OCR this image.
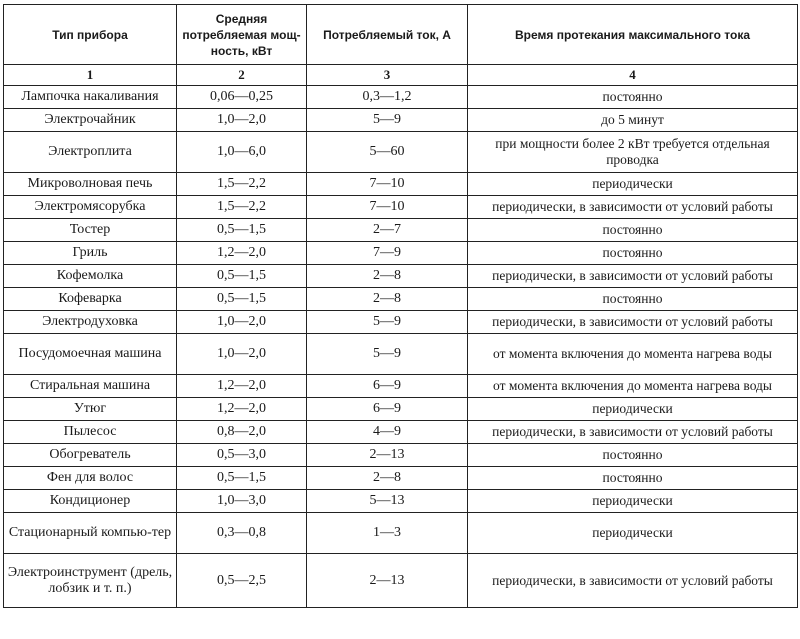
Тип прибора	Средняя потребляемая мощ-ность, кВт	Потребляемый ток, А	Время протекания максимального тока
1	2	3	4
Лампочка накаливания	0,06—0,25	0,3—1,2	постоянно
Электрочайник	1,0—2,0	5—9	до 5 минут
Электроплита	1,0—6,0	5—60	при мощности более 2 кВт требуется отдельная проводка
Микроволновая печь	1,5—2,2	7—10	периодически
Электромясорубка	1,5—2,2	7—10	периодически, в зависимости от условий работы
Тостер	0,5—1,5	2—7	постоянно
Гриль	1,2—2,0	7—9	постоянно
Кофемолка	0,5—1,5	2—8	периодически, в зависимости от условий работы
Кофеварка	0,5—1,5	2—8	постоянно
Электродуховка	1,0—2,0	5—9	периодически, в зависимости от условий работы
Посудомоечная машина	1,0—2,0	5—9	от момента включения до момента нагрева воды
Стиральная машина	1,2—2,0	6—9	от момента включения до момента нагрева воды
Утюг	1,2—2,0	6—9	периодически
Пылесос	0,8—2,0	4—9	периодически, в зависимости от условий работы
Обогреватель	0,5—3,0	2—13	постоянно
Фен для волос	0,5—1,5	2—8	постоянно
Кондиционер	1,0—3,0	5—13	периодически
Стационарный компью-тер	0,3—0,8	1—3	периодически
Электроинструмент (дрель, лобзик и т. п.)	0,5—2,5	2—13	периодически, в зависимости от условий работы
